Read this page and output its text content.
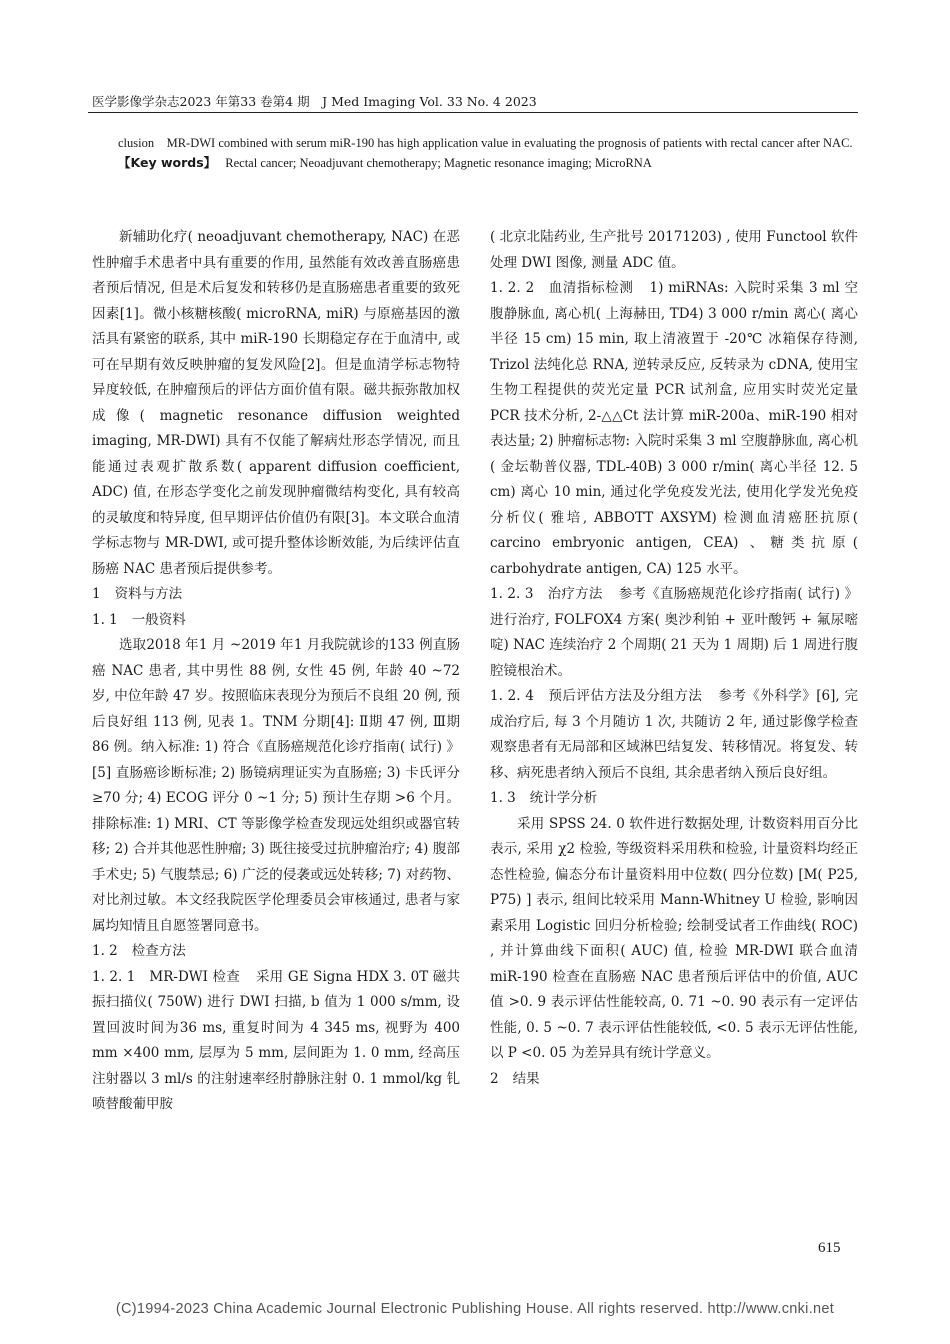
医学影像学杂志2023 年第33 卷第4 期　J Med Imaging Vol. 33 No. 4 2023

clusion　MR-DWI combined with serum miR-190 has high application value in evaluating the prognosis of patients with rectal cancer after NAC.

【Key words】 Rectal cancer; Neoadjuvant chemotherapy; Magnetic resonance imaging; MicroRNA

新辅助化疗( neoadjuvant chemotherapy, NAC) 在恶性肿瘤手术患者中具有重要的作用, 虽然能有效改善直肠癌患者预后情况, 但是术后复发和转移仍是直肠癌患者重要的致死因素[1]。微小核糖核酸( microRNA, miR) 与原癌基因的激活具有紧密的联系, 其中 miR-190 长期稳定存在于血清中, 或可在早期有效反映肿瘤的复发风险[2]。但是血清学标志物特异度较低, 在肿瘤预后的评估方面价值有限。磁共振弥散加权成像( magnetic resonance diffusion weighted imaging, MR-DWI) 具有不仅能了解病灶形态学情况, 而且能通过表观扩散系数( apparent diffusion coefficient, ADC) 值, 在形态学变化之前发现肿瘤微结构变化, 具有较高的灵敏度和特异度, 但早期评估价值仍有限[3]。本文联合血清学标志物与 MR-DWI, 或可提升整体诊断效能, 为后续评估直肠癌 NAC 患者预后提供参考。

1 资料与方法

1. 1 一般资料

选取2018 年1 月 ~2019 年1 月我院就诊的133 例直肠癌 NAC 患者, 其中男性 88 例, 女性 45 例, 年龄 40 ~72 岁, 中位年龄 47 岁。按照临床表现分为预后不良组 20 例, 预后良好组 113 例, 见表 1。TNM 分期[4]: Ⅱ期 47 例, Ⅲ期 86 例。纳入标准: 1) 符合《直肠癌规范化诊疗指南( 试行) 》[5] 直肠癌诊断标准; 2) 肠镜病理证实为直肠癌; 3) 卡氏评分 ≥70 分; 4) ECOG 评分 0 ~1 分; 5) 预计生存期 >6 个月。排除标准: 1) MRI、CT 等影像学检查发现远处组织或器官转移; 2) 合并其他恶性肿瘤; 3) 既往接受过抗肿瘤治疗; 4) 腹部手术史; 5) 气腹禁忌; 6) 广泛的侵袭或远处转移; 7) 对药物、对比剂过敏。本文经我院医学伦理委员会审核通过, 患者与家属均知情且自愿签署同意书。

1. 2 检查方法

1. 2. 1 MR-DWI 检查 采用 GE Signa HDX 3. 0T 磁共振扫描仪( 750W) 进行 DWI 扫描, b 值为 1 000 s/mm, 设置回波时间为36 ms, 重复时间为 4 345 ms, 视野为 400 mm ×400 mm, 层厚为 5 mm, 层间距为 1. 0 mm, 经高压注射器以 3 ml/s 的注射速率经肘静脉注射 0. 1 mmol/kg 钆喷替酸葡甲胺

( 北京北陆药业, 生产批号 20171203) , 使用 Functool 软件处理 DWI 图像, 测量 ADC 值。

1. 2. 2 血清指标检测 1) miRNAs: 入院时采集 3 ml 空腹静脉血, 离心机( 上海赫田, TD4) 3 000 r/min 离心( 离心半径 15 cm) 15 min, 取上清液置于 -20℃ 冰箱保存待测, Trizol 法纯化总 RNA, 逆转录反应, 反转录为 cDNA, 使用宝生物工程提供的荧光定量 PCR 试剂盒, 应用实时荧光定量 PCR 技术分析, 2-△△Ct 法计算 miR-200a、miR-190 相对表达量; 2) 肿瘤标志物: 入院时采集 3 ml 空腹静脉血, 离心机( 金坛勒普仪器, TDL-40B) 3 000 r/min( 离心半径 12. 5 cm) 离心 10 min, 通过化学免疫发光法, 使用化学发光免疫分析仪( 雅培, ABBOTT AXSYM) 检测血清癌胚抗原( carcino embryonic antigen, CEA) 、糖类抗原( carbohydrate antigen, CA) 125 水平。

1. 2. 3 治疗方法 参考《直肠癌规范化诊疗指南( 试行) 》进行治疗, FOLFOX4 方案( 奥沙利铂 + 亚叶酸钙 + 氟尿嘧啶) NAC 连续治疗 2 个周期( 21 天为 1 周期) 后 1 周进行腹腔镜根治术。

1. 2. 4 预后评估方法及分组方法 参考《外科学》[6], 完成治疗后, 每 3 个月随访 1 次, 共随访 2 年, 通过影像学检查观察患者有无局部和区域淋巴结复发、转移情况。将复发、转移、病死患者纳入预后不良组, 其余患者纳入预后良好组。

1. 3 统计学分析

采用 SPSS 24. 0 软件进行数据处理, 计数资料用百分比表示, 采用 χ2 检验, 等级资料采用秩和检验, 计量资料均经正态性检验, 偏态分布计量资料用中位数( 四分位数) [M( P25, P75) ] 表示, 组间比较采用 Mann-Whitney U 检验, 影响因素采用 Logistic 回归分析检验; 绘制受试者工作曲线( ROC) , 并计算曲线下面积( AUC) 值, 检验 MR-DWI 联合血清 miR-190 检查在直肠癌 NAC 患者预后评估中的价值, AUC 值 >0. 9 表示评估性能较高, 0. 71 ~0. 90 表示有一定评估性能, 0. 5 ~0. 7 表示评估性能较低, <0. 5 表示无评估性能, 以 P <0. 05 为差异具有统计学意义。

2 结果

615
(C)1994-2023 China Academic Journal Electronic Publishing House. All rights reserved. http://www.cnki.net
